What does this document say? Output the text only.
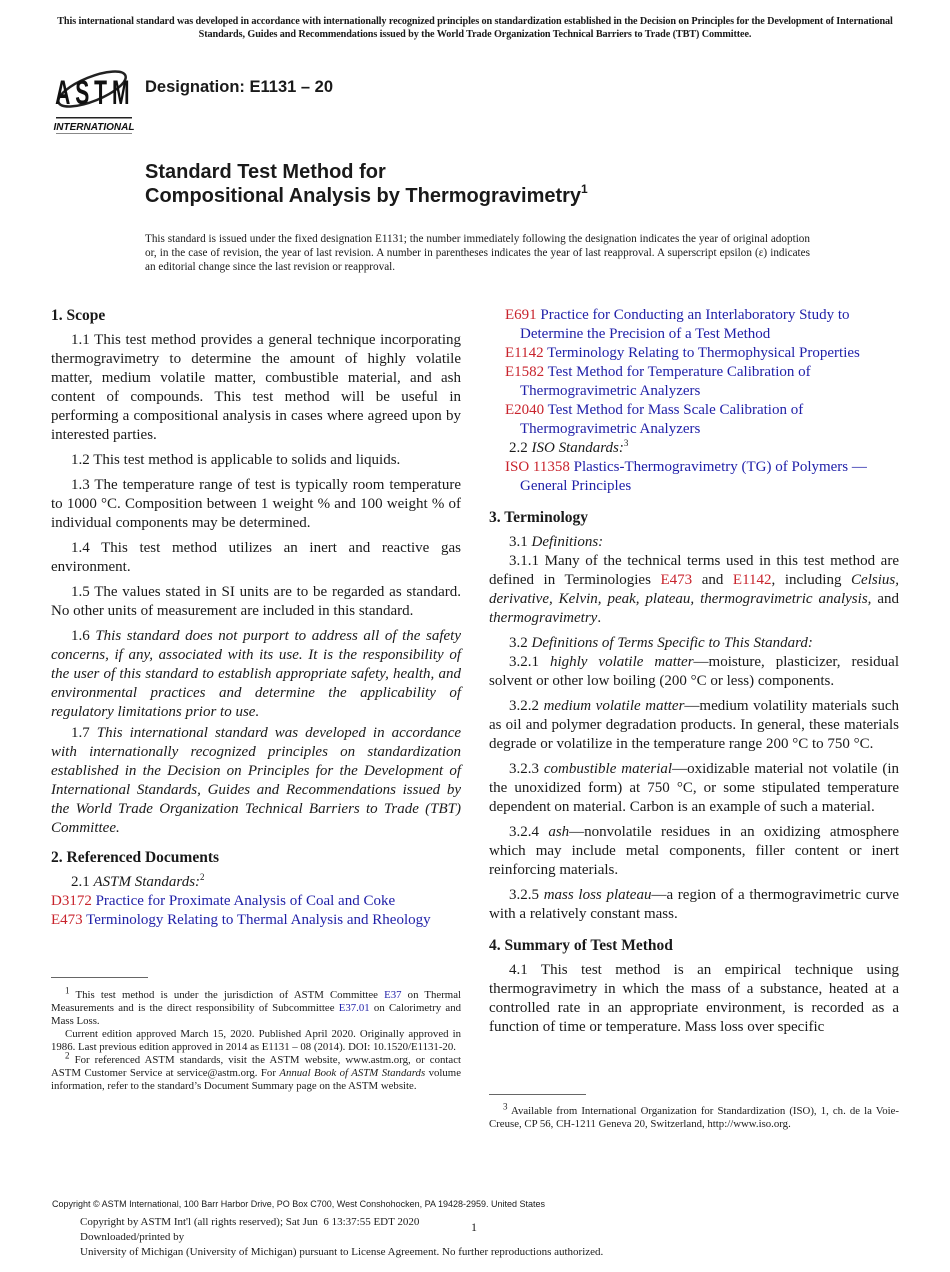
This international standard was developed in accordance with internationally recognized principles on standardization established in the Decision on Principles for the Development of International Standards, Guides and Recommendations issued by the World Trade Organization Technical Barriers to Trade (TBT) Committee.
ASTM
INTERNATIONAL
Designation: E1131 – 20
Standard Test Method for
Compositional Analysis by Thermogravimetry$^1$
This standard is issued under the fixed designation E1131; the number immediately following the designation indicates the year of original adoption or, in the case of revision, the year of last revision. A number in parentheses indicates the year of last reapproval. A superscript epsilon (ε) indicates an editorial change since the last revision or reapproval.
1. Scope

1.1 This test method provides a general technique incorporating thermogravimetry to determine the amount of highly volatile matter, medium volatile matter, combustible material, and ash content of compounds. This test method will be useful in performing a compositional analysis in cases where agreed upon by interested parties.

1.2 This test method is applicable to solids and liquids.

1.3 The temperature range of test is typically room temperature to 1000 °C. Composition between 1 weight % and 100 weight % of individual components may be determined.

1.4 This test method utilizes an inert and reactive gas environment.

1.5 The values stated in SI units are to be regarded as standard. No other units of measurement are included in this standard.

1.6 This standard does not purport to address all of the safety concerns, if any, associated with its use. It is the responsibility of the user of this standard to establish appropriate safety, health, and environmental practices and determine the applicability of regulatory limitations prior to use.

1.7 This international standard was developed in accordance with internationally recognized principles on standardization established in the Decision on Principles for the Development of International Standards, Guides and Recommendations issued by the World Trade Organization Technical Barriers to Trade (TBT) Committee.

2. Referenced Documents

2.1 ASTM Standards:$^2$

D3172 Practice for Proximate Analysis of Coal and Coke
E473 Terminology Relating to Thermal Analysis and Rheology

$^1$ This test method is under the jurisdiction of ASTM Committee E37 on Thermal Measurements and is the direct responsibility of Subcommittee E37.01 on Calorimetry and Mass Loss.

Current edition approved March 15, 2020. Published April 2020. Originally approved in 1986. Last previous edition approved in 2014 as E1131 – 08 (2014). DOI: 10.1520/E1131-20.

$^2$ For referenced ASTM standards, visit the ASTM website, www.astm.org, or contact ASTM Customer Service at service@astm.org. For Annual Book of ASTM Standards volume information, refer to the standard’s Document Summary page on the ASTM website.

E691 Practice for Conducting an Interlaboratory Study to Determine the Precision of a Test Method
E1142 Terminology Relating to Thermophysical Properties
E1582 Test Method for Temperature Calibration of Thermogravimetric Analyzers
E2040 Test Method for Mass Scale Calibration of Thermogravimetric Analyzers

2.2 ISO Standards:$^3$

ISO 11358 Plastics-Thermogravimetry (TG) of Polymers — General Principles
3. Terminology

3.1 Definitions:

3.1.1 Many of the technical terms used in this test method are defined in Terminologies E473 and E1142, including Celsius, derivative, Kelvin, peak, plateau, thermogravimetric analysis, and thermogravimetry.

3.2 Definitions of Terms Specific to This Standard:

3.2.1 highly volatile matter—moisture, plasticizer, residual solvent or other low boiling (200 °C or less) components.

3.2.2 medium volatile matter—medium volatility materials such as oil and polymer degradation products. In general, these materials degrade or volatilize in the temperature range 200 °C to 750 °C.

3.2.3 combustible material—oxidizable material not volatile (in the unoxidized form) at 750 °C, or some stipulated temperature dependent on material. Carbon is an example of such a material.

3.2.4 ash—nonvolatile residues in an oxidizing atmosphere which may include metal components, filler content or inert reinforcing materials.

3.2.5 mass loss plateau—a region of a thermogravimetric curve with a relatively constant mass.

4. Summary of Test Method

4.1 This test method is an empirical technique using thermogravimetry in which the mass of a substance, heated at a controlled rate in an appropriate environment, is recorded as a function of time or temperature. Mass loss over specific

$^3$ Available from International Organization for Standardization (ISO), 1, ch. de la Voie-Creuse, CP 56, CH-1211 Geneva 20, Switzerland, http://www.iso.org.

Copyright © ASTM International, 100 Barr Harbor Drive, PO Box C700, West Conshohocken, PA 19428-2959. United States
Copyright by ASTM Int'l (all rights reserved); Sat Jun  6 13:37:55 EDT 2020
Downloaded/printed by
University of Michigan (University of Michigan) pursuant to License Agreement. No further reproductions authorized.
1
